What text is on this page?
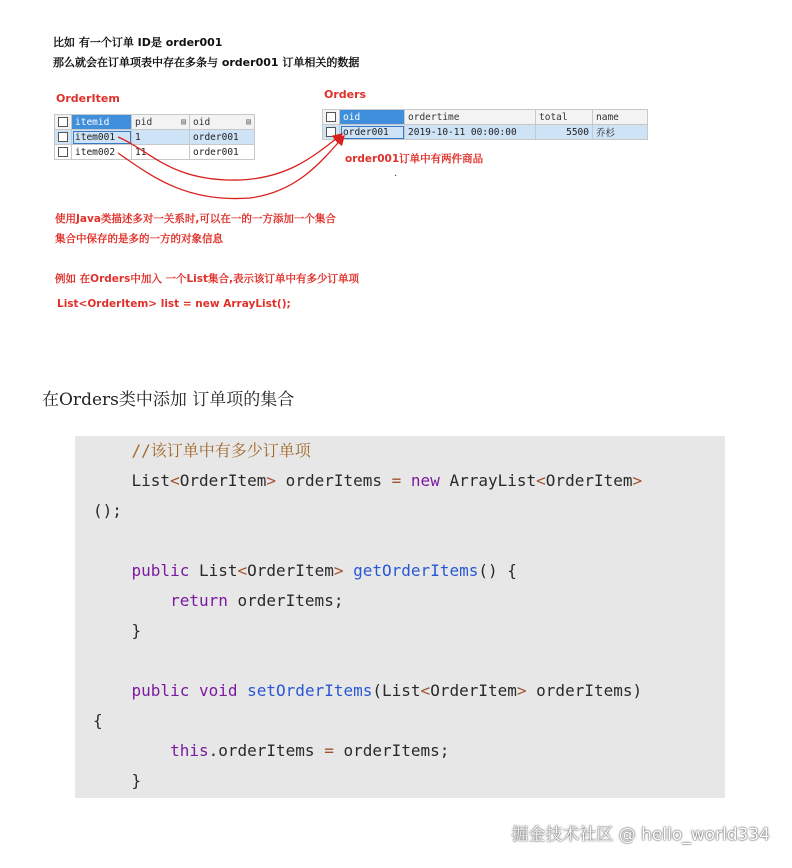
比如 有一个订单 ID是 order001
那么就会在订单项表中存在多条与 order001 订单相关的数据
OrderItem
	itemid	pid ▤	oid ▤

	item001	1	order001
	item002	11	order001
Orders
	oid	ordertime	total	name
	order001	2019-10-11 00:00:00	5500	乔杉
order001订单中有两件商品
.
使用Java类描述多对一关系时,可以在一的一方添加一个集合
集合中保存的是多的一方的对象信息
例如 在Orders中加入 一个List集合,表示该订单中有多少订单项
List<OrderItem> list = new ArrayList();
在Orders类中添加 订单项的集合
//该订单中有多少订单项
List<OrderItem> orderItems = new ArrayList<OrderItem>
();

public List<OrderItem> getOrderItems() {
return orderItems;
}

public void setOrderItems(List<OrderItem> orderItems)
{
this.orderItems = orderItems;
}
掘金技术社区 @ hello_world334
